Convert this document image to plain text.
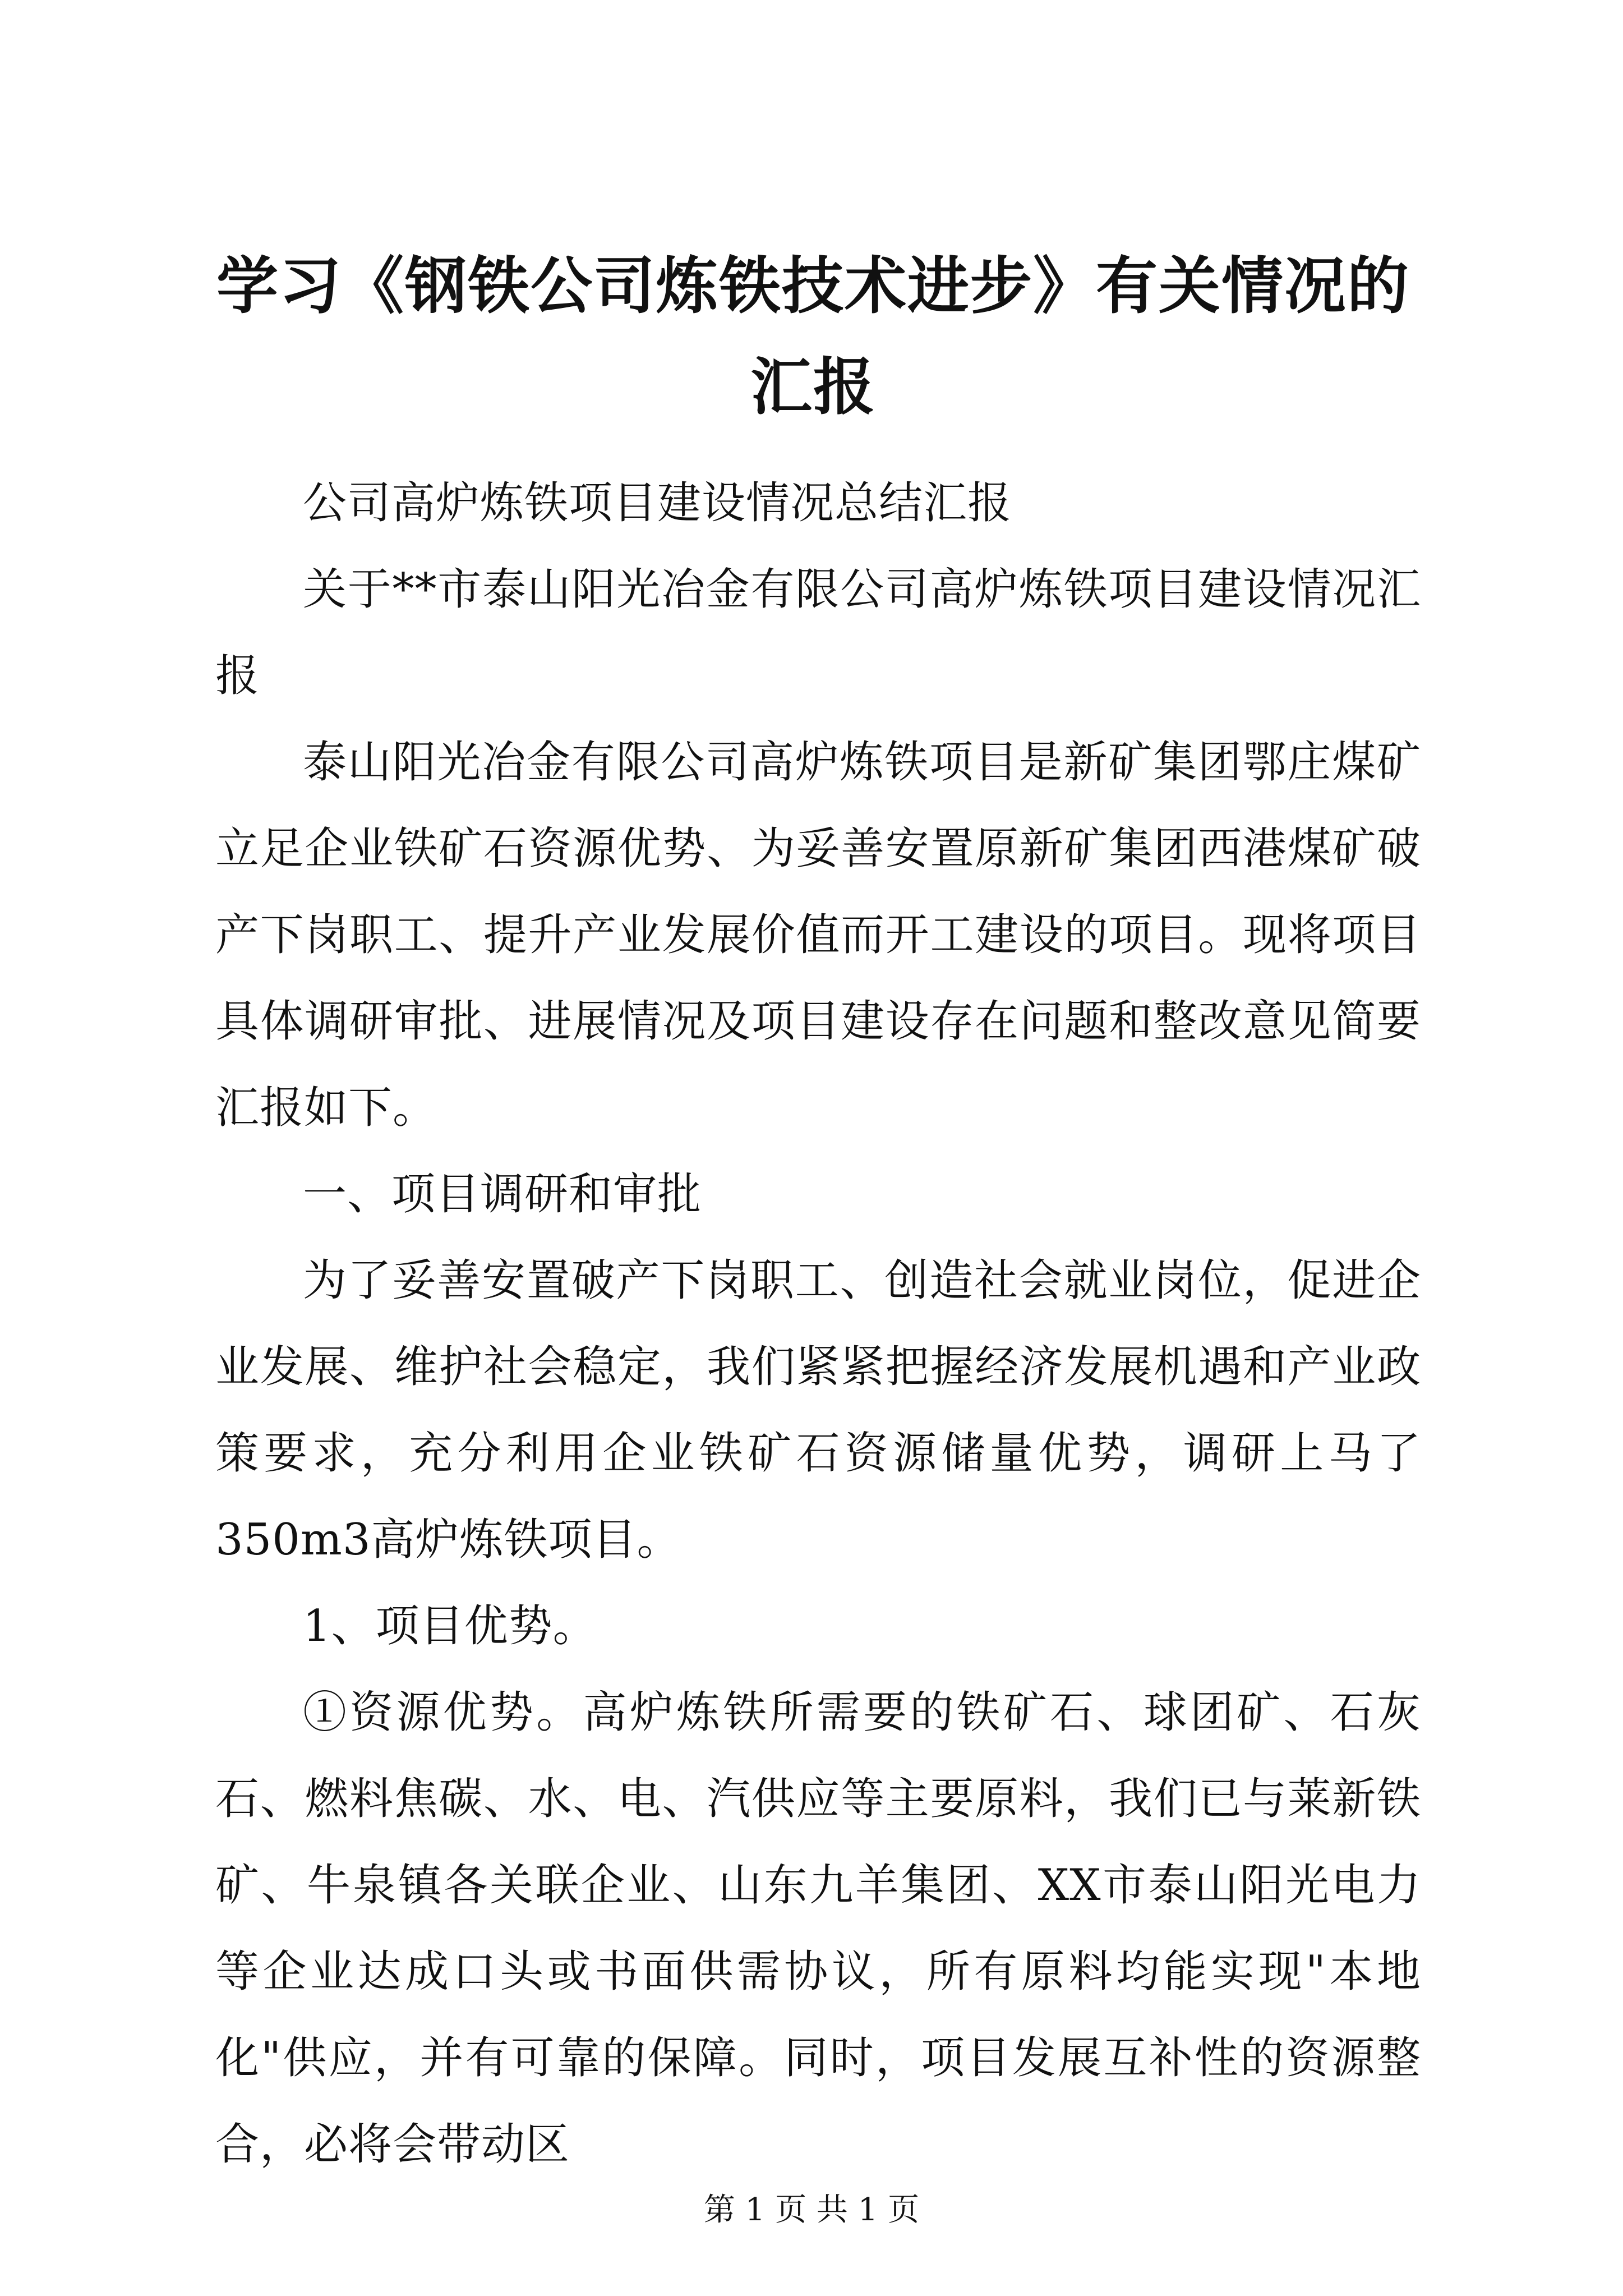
学习《钢铁公司炼铁技术进步》有关情况的汇报

公司高炉炼铁项目建设情况总结汇报

关于**市泰山阳光冶金有限公司高炉炼铁项目建设情况汇报

泰山阳光冶金有限公司高炉炼铁项目是新矿集团鄂庄煤矿立足企业铁矿石资源优势、为妥善安置原新矿集团西港煤矿破产下岗职工、提升产业发展价值而开工建设的项目。现将项目具体调研审批、进展情况及项目建设存在问题和整改意见简要汇报如下。

一、项目调研和审批

为了妥善安置破产下岗职工、创造社会就业岗位，促进企业发展、维护社会稳定，我们紧紧把握经济发展机遇和产业政策要求，充分利用企业铁矿石资源储量优势，调研上马了350m3高炉炼铁项目。

1、项目优势。

①资源优势。高炉炼铁所需要的铁矿石、球团矿、石灰石、燃料焦碳、水、电、汽供应等主要原料，我们已与莱新铁矿、牛泉镇各关联企业、山东九羊集团、XX市泰山阳光电力等企业达成口头或书面供需协议，所有原料均能实现"本地化"供应，并有可靠的保障。同时，项目发展互补性的资源整合，必将会带动区

第 1 页 共 1 页
